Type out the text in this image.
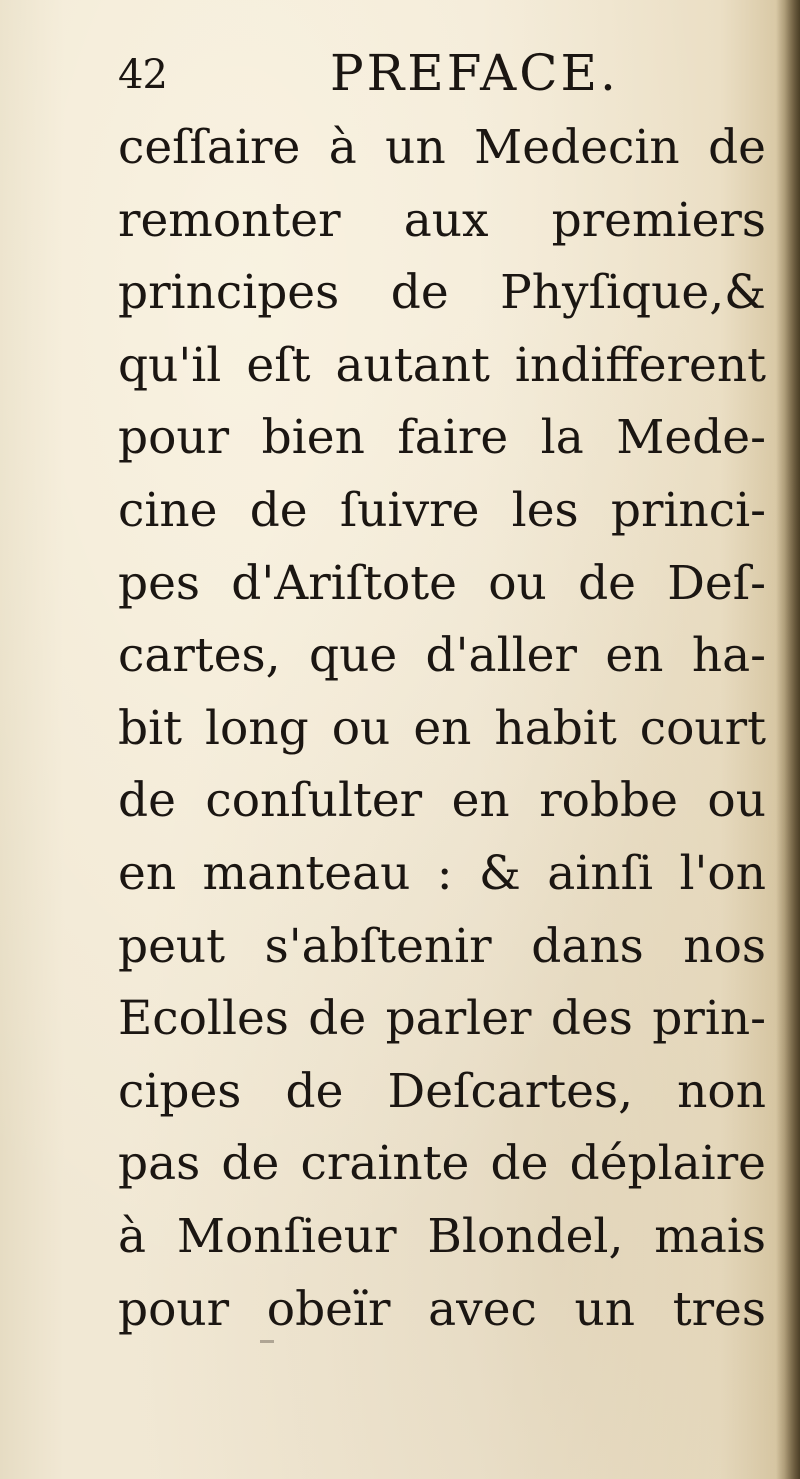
42	PREFACE.
ceſſaire à un Medecin de
remonter aux premiers
principes de Phyſique,&
qu'il eſt autant indifferent
pour bien faire la Mede-
cine de ſuivre les princi-
pes d'Ariſtote ou de Deſ-
cartes, que d'aller en ha-
bit long ou en habit court
de conſulter en robbe ou
en manteau : & ainſi l'on
peut s'abſtenir dans nos
Ecolles de parler des prin-
cipes de Deſcartes, non
pas de crainte de déplaire
à Monſieur Blondel, mais
pour obeïr avec un tres
